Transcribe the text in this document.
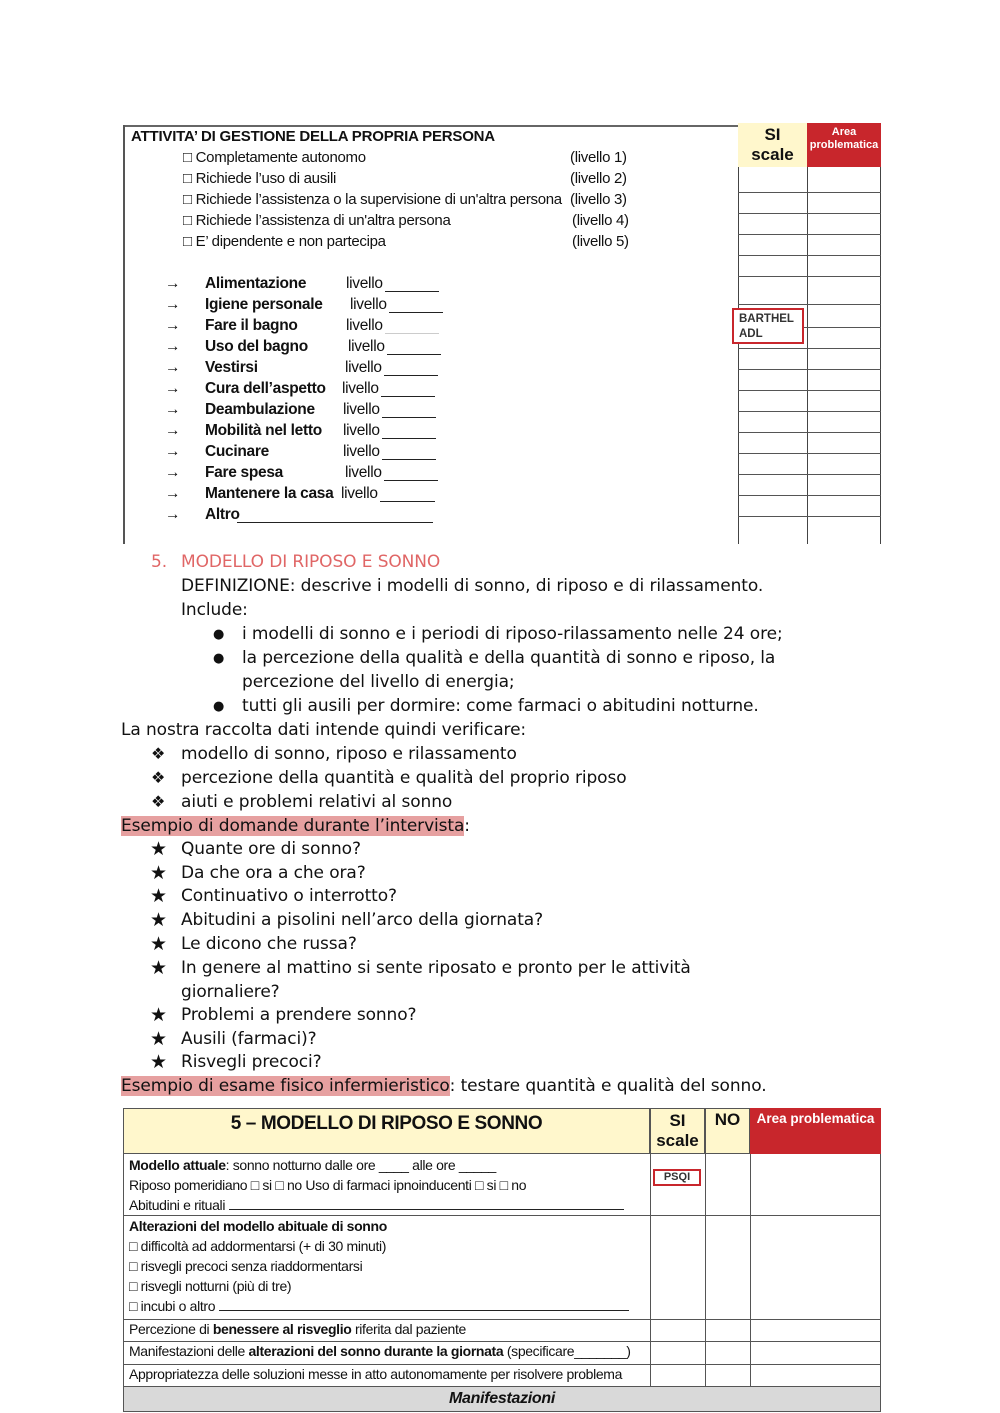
SI
scale
Area
problematica
ATTIVITA’ DI GESTIONE DELLA PROPRIA PERSONA
□ Completamente autonomo	(livello 1)
□ Richiede l’uso di ausili	(livello 2)
□ Richiede l’assistenza o la supervisione di un'altra persona (livello 3)
□ Richiede l’assistenza di un'altra persona	(livello 4)
□ E’ dipendente e non partecipa	(livello 5)
→ Alimentazione	livello
→ Igiene personale livello
→ Fare il bagno	livello
→ Uso del bagno	livello
→ Vestirsi	livello
→ Cura dell’aspetto livello
→ Deambulazione livello
→ Mobilità nel letto livello
→ Cucinare	livello
→ Fare spesa	livello
→ Mantenere la casa livello
→ Altro
BARTHEL
ADL
5. MODELLO DI RIPOSO E SONNO
DEFINIZIONE: descrive i modelli di sonno, di riposo e di rilassamento.
Include:
● i modelli di sonno e i periodi di riposo-rilassamento nelle 24 ore;
● la percezione della qualità e della quantità di sonno e riposo, la
percezione del livello di energia;
● tutti gli ausili per dormire: come farmaci o abitudini notturne.
La nostra raccolta dati intende quindi verificare:
❖ modello di sonno, riposo e rilassamento
❖ percezione della quantità e qualità del proprio riposo
❖ aiuti e problemi relativi al sonno
Esempio di domande durante l’intervista:
★ Quante ore di sonno?
★ Da che ora a che ora?
★ Continuativo o interrotto?
★ Abitudini a pisolini nell’arco della giornata?
★ Le dicono che russa?
★ In genere al mattino si sente riposato e pronto per le attività
giornaliere?
★ Problemi a prendere sonno?
★ Ausili (farmaci)?
★ Risvegli precoci?
Esempio di esame fisico infermieristico: testare quantità e qualità del sonno.
5 – MODELLO DI RIPOSO E SONNO	SI
scale
NO	Area problematica
Modello attuale: sonno notturno dalle ore ____ alle ore _____
Riposo pomeridiano □ si □ no Uso di farmaci ipnoinducenti □ si □ no
Abitudini e rituali
PSQI
Alterazioni del modello abituale di sonno
□ difficoltà ad addormentarsi (+ di 30 minuti)
□ risvegli precoci senza riaddormentarsi
□ risvegli notturni (più di tre)
□ incubi o altro
Percezione di benessere al risveglio riferita dal paziente
Manifestazioni delle alterazioni del sonno durante la giornata (specificare_______)
Appropriatezza delle soluzioni messe in atto autonomamente per risolvere problema
Manifestazioni
